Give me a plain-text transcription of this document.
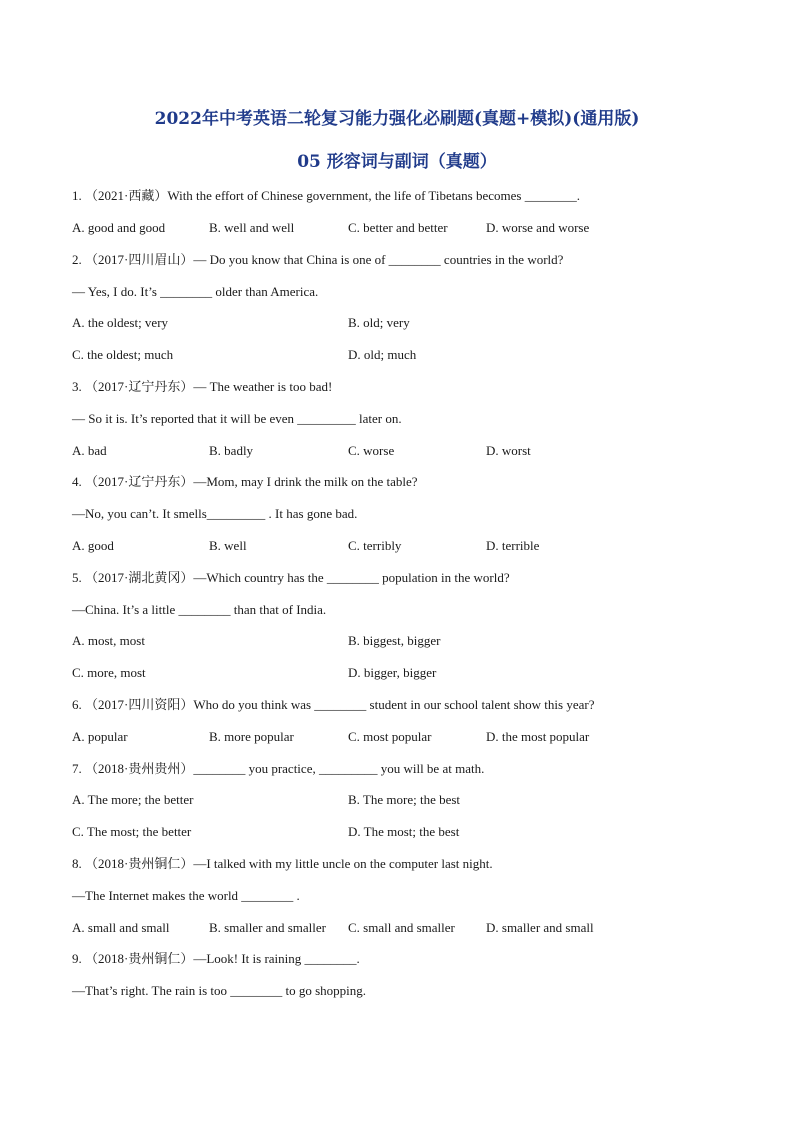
2022年中考英语二轮复习能力强化必刷题(真题+模拟)(通用版)
05 形容词与副词（真题）
1. （2021·西藏）With the effort of Chinese government, the life of Tibetans becomes ________.
A. good and good	B. well and well	C. better and better	D. worse and worse
2. （2017·四川眉山）— Do you know that China is one of ________ countries in the world?
— Yes, I do. It’s ________ older than America.
A. the oldest; very	B. old; very
C. the oldest; much	D. old; much
3. （2017·辽宁丹东）— The weather is too bad!
— So it is. It’s reported that it will be even _________ later on.
A. bad	B. badly	C. worse	D. worst
4. （2017·辽宁丹东）—Mom, may I drink the milk on the table?
—No, you can’t. It smells_________ . It has gone bad.
A. good	B. well	C. terribly	D. terrible
5. （2017·湖北黄冈）—Which country has the ________ population in the world?
—China. It’s a little ________ than that of India.
A. most, most	B. biggest, bigger
C. more, most	D. bigger, bigger
6. （2017·四川资阳）Who do you think was ________ student in our school talent show this year?
A. popular	B. more popular	C. most popular	D. the most popular
7. （2018·贵州贵州）________ you practice, _________ you will be at math.
A. The more; the better	B. The more; the best
C. The most; the better	D. The most; the best
8. （2018·贵州铜仁）—I talked with my little uncle on the computer last night.
—The Internet makes the world ________ .
A. small and small	B. smaller and smaller C. small and smaller D. smaller and small
9. （2018·贵州铜仁）—Look! It is raining ________.
—That’s right. The rain is too ________ to go shopping.
